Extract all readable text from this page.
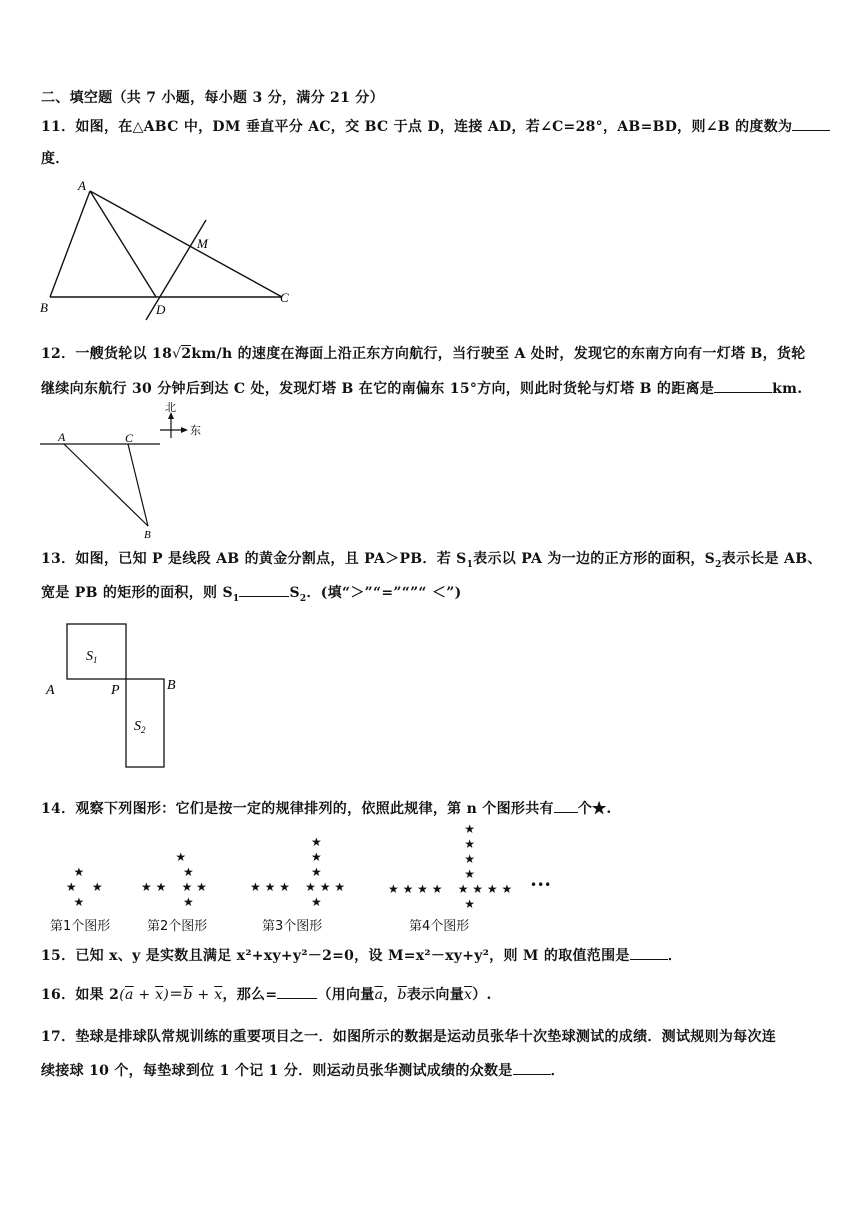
二、填空题（共 7 小题，每小题 3 分，满分 21 分）
11．如图，在△ABC 中，DM 垂直平分 AC，交 BC 于点 D，连接 AD，若∠C=28°，AB=BD，则∠B 的度数为
度．
A
B
C
D
M
12．一艘货轮以 18√2km/h 的速度在海面上沿正东方向航行，当行驶至 A 处时，发现它的东南方向有一灯塔 B，货轮
继续向东航行 30 分钟后到达 C 处，发现灯塔 B 在它的南偏东 15°方向，则此时货轮与灯塔 B 的距离是	km.
A	C
B
北
东
13．如图，已知 P 是线段 AB 的黄金分割点，且 PA＞PB．若 $S_1$表示以 PA 为一边的正方形的面积，$S_2$表示长是 AB、
宽是 PB 的矩形的面积，则 $S_1$	$S_2$．(填“＞”“=”“”“ ＜”)
$S_1$
$S_2$
A	P	B
14．观察下列图形：它们是按一定的规律排列的，依照此规律，第 n 个图形共有 个★.
★
★    ★
★
★
★
★ ★    ★ ★
★
★
★
★
★ ★ ★    ★ ★ ★
★
★
★
★
★
★ ★ ★ ★    ★ ★ ★ ★
★
•••
第1个图形	第2个图形	第3个图形	第4个图形
15．已知 x、y 是实数且满足 x²+xy+y²－2=0，设 M=x²－xy+y²，则 M 的取值范围是	．
16．如果 $2(\overline{a} + \overline{x})=\overline{b} + \overline{x}$，那么=	（用向量$\overline{a}$，$\overline{b}$表示向量$\overline{x}$）.
17．垫球是排球队常规训练的重要项目之一．如图所示的数据是运动员张华十次垫球测试的成绩．测试规则为每次连
续接球 10 个，每垫球到位 1 个记 1 分．则运动员张华测试成绩的众数是	．
